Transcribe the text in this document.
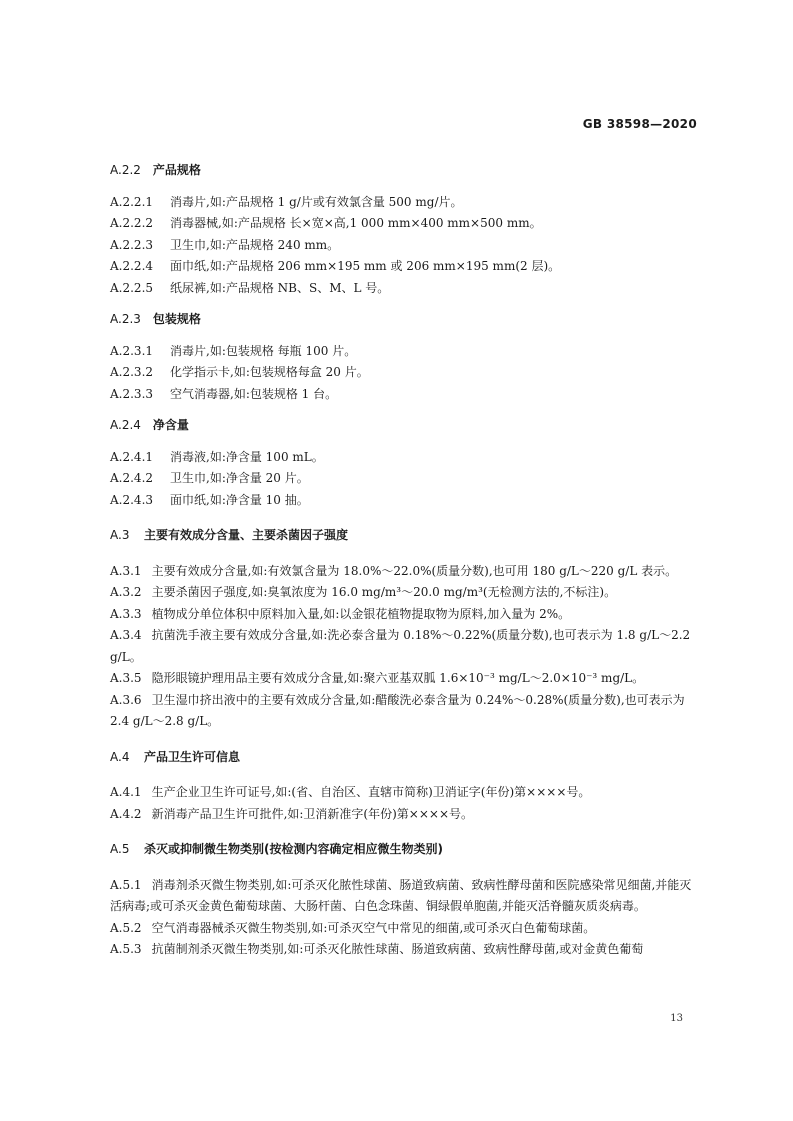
GB 38598—2020
A.2.2 产品规格
A.2.2.1 消毒片,如:产品规格 1 g/片或有效氯含量 500 mg/片。
A.2.2.2 消毒器械,如:产品规格 长×宽×高,1 000 mm×400 mm×500 mm。
A.2.2.3 卫生巾,如:产品规格 240 mm。
A.2.2.4 面巾纸,如:产品规格 206 mm×195 mm 或 206 mm×195 mm(2 层)。
A.2.2.5 纸尿裤,如:产品规格 NB、S、M、L 号。
A.2.3 包装规格
A.2.3.1 消毒片,如:包装规格 每瓶 100 片。
A.2.3.2 化学指示卡,如:包装规格每盒 20 片。
A.2.3.3 空气消毒器,如:包装规格 1 台。
A.2.4 净含量
A.2.4.1 消毒液,如:净含量 100 mL。
A.2.4.2 卫生巾,如:净含量 20 片。
A.2.4.3 面巾纸,如:净含量 10 抽。
A.3 主要有效成分含量、主要杀菌因子强度
A.3.1 主要有效成分含量,如:有效氯含量为 18.0%～22.0%(质量分数),也可用 180 g/L～220 g/L 表示。
A.3.2 主要杀菌因子强度,如:臭氧浓度为 16.0 mg/m³～20.0 mg/m³(无检测方法的,不标注)。
A.3.3 植物成分单位体积中原料加入量,如:以金银花植物提取物为原料,加入量为 2%。
A.3.4 抗菌洗手液主要有效成分含量,如:洗必泰含量为 0.18%～0.22%(质量分数),也可表示为 1.8 g/L～2.2 g/L。
A.3.5 隐形眼镜护理用品主要有效成分含量,如:聚六亚基双胍 1.6×10⁻³ mg/L～2.0×10⁻³ mg/L。
A.3.6 卫生湿巾挤出液中的主要有效成分含量,如:醋酸洗必泰含量为 0.24%～0.28%(质量分数),也可表示为 2.4 g/L～2.8 g/L。
A.4 产品卫生许可信息
A.4.1 生产企业卫生许可证号,如:(省、自治区、直辖市简称)卫消证字(年份)第××××号。
A.4.2 新消毒产品卫生许可批件,如:卫消新准字(年份)第××××号。
A.5 杀灭或抑制微生物类别(按检测内容确定相应微生物类别)
A.5.1 消毒剂杀灭微生物类别,如:可杀灭化脓性球菌、肠道致病菌、致病性酵母菌和医院感染常见细菌,并能灭活病毒;或可杀灭金黄色葡萄球菌、大肠杆菌、白色念珠菌、铜绿假单胞菌,并能灭活脊髓灰质炎病毒。
A.5.2 空气消毒器械杀灭微生物类别,如:可杀灭空气中常见的细菌,或可杀灭白色葡萄球菌。
A.5.3 抗菌制剂杀灭微生物类别,如:可杀灭化脓性球菌、肠道致病菌、致病性酵母菌,或对金黄色葡萄
13
